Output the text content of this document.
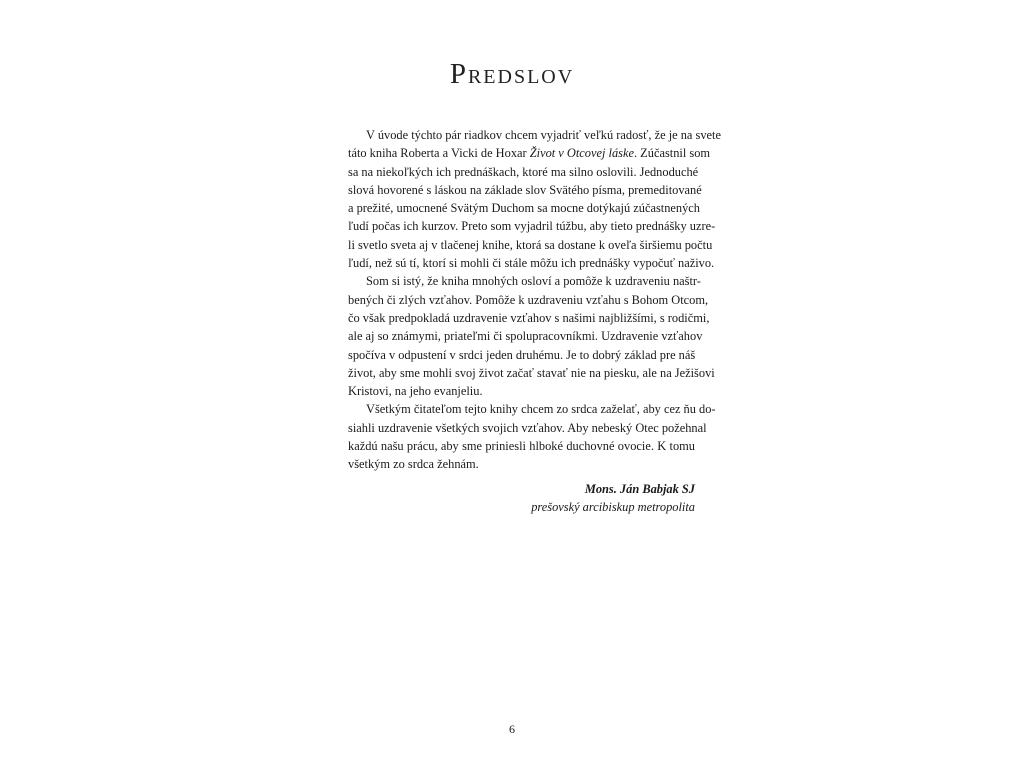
Predslov

V úvode týchto pár riadkov chcem vyjadriť veľkú radosť, že je na svete
táto kniha Roberta a Vicki de Hoxar Život v Otcovej láske. Zúčastnil som
sa na niekoľkých ich prednáškach, ktoré ma silno oslovili. Jednoduché
slová hovorené s láskou na základe slov Svätého písma, premeditované
a prežité, umocnené Svätým Duchom sa mocne dotýkajú zúčastnených
ľudí počas ich kurzov. Preto som vyjadril túžbu, aby tieto prednášky uzre-
li svetlo sveta aj v tlačenej knihe, ktorá sa dostane k oveľa širšiemu počtu
ľudí, než sú tí, ktorí si mohli či stále môžu ich prednášky vypočuť naživo.

Som si istý, že kniha mnohých osloví a pomôže k uzdraveniu naštr-
bených či zlých vzťahov. Pomôže k uzdraveniu vzťahu s Bohom Otcom,
čo však predpokladá uzdravenie vzťahov s našimi najbližšími, s rodičmi,
ale aj so známymi, priateľmi či spolupracovníkmi. Uzdravenie vzťahov
spočíva v odpustení v srdci jeden druhému. Je to dobrý základ pre náš
život, aby sme mohli svoj život začať stavať nie na piesku, ale na Ježišovi
Kristovi, na jeho evanjeliu.

Všetkým čitateľom tejto knihy chcem zo srdca zaželať, aby cez ňu do-
siahli uzdravenie všetkých svojich vzťahov. Aby nebeský Otec požehnal
každú našu prácu, aby sme priniesli hlboké duchovné ovocie. K tomu
všetkým zo srdca žehnám.

Mons. Ján Babjak SJ
prešovský arcibiskup metropolita
6
